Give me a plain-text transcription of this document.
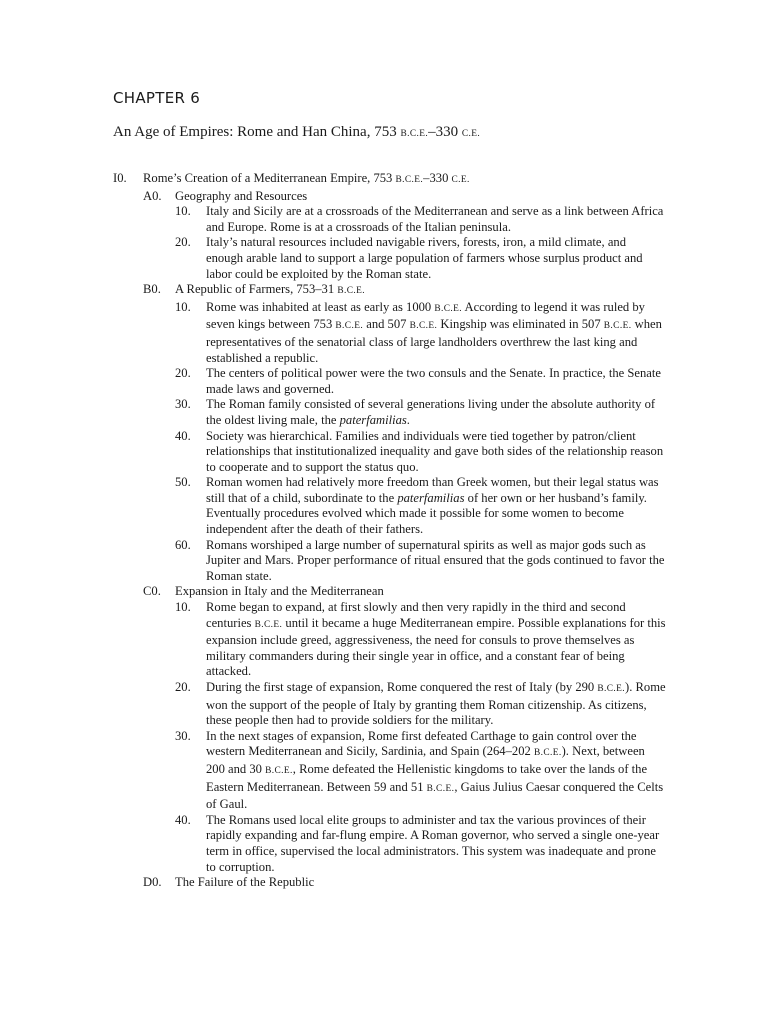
CHAPTER 6
An Age of Empires: Rome and Han China, 753 B.C.E.–330 C.E.
I0. Rome’s Creation of a Mediterranean Empire, 753 B.C.E.–330 C.E.
A0. Geography and Resources
10. Italy and Sicily are at a crossroads of the Mediterranean and serve as a link between Africa and Europe. Rome is at a crossroads of the Italian peninsula.
20. Italy’s natural resources included navigable rivers, forests, iron, a mild climate, and enough arable land to support a large population of farmers whose surplus product and labor could be exploited by the Roman state.
B0. A Republic of Farmers, 753–31 B.C.E.
10. Rome was inhabited at least as early as 1000 B.C.E. According to legend it was ruled by seven kings between 753 B.C.E. and 507 B.C.E. Kingship was eliminated in 507 B.C.E. when representatives of the senatorial class of large landholders overthrew the last king and established a republic.
20. The centers of political power were the two consuls and the Senate. In practice, the Senate made laws and governed.
30. The Roman family consisted of several generations living under the absolute authority of the oldest living male, the paterfamilias.
40. Society was hierarchical. Families and individuals were tied together by patron/client relationships that institutionalized inequality and gave both sides of the relationship reason to cooperate and to support the status quo.
50. Roman women had relatively more freedom than Greek women, but their legal status was still that of a child, subordinate to the paterfamilias of her own or her husband’s family. Eventually procedures evolved which made it possible for some women to become independent after the death of their fathers.
60. Romans worshiped a large number of supernatural spirits as well as major gods such as Jupiter and Mars. Proper performance of ritual ensured that the gods continued to favor the Roman state.
C0. Expansion in Italy and the Mediterranean
10. Rome began to expand, at first slowly and then very rapidly in the third and second centuries B.C.E. until it became a huge Mediterranean empire. Possible explanations for this expansion include greed, aggressiveness, the need for consuls to prove themselves as military commanders during their single year in office, and a constant fear of being attacked.
20. During the first stage of expansion, Rome conquered the rest of Italy (by 290 B.C.E.). Rome won the support of the people of Italy by granting them Roman citizenship. As citizens, these people then had to provide soldiers for the military.
30. In the next stages of expansion, Rome first defeated Carthage to gain control over the western Mediterranean and Sicily, Sardinia, and Spain (264–202 B.C.E.). Next, between 200 and 30 B.C.E., Rome defeated the Hellenistic kingdoms to take over the lands of the Eastern Mediterranean. Between 59 and 51 B.C.E., Gaius Julius Caesar conquered the Celts of Gaul.
40. The Romans used local elite groups to administer and tax the various provinces of their rapidly expanding and far-flung empire. A Roman governor, who served a single one-year term in office, supervised the local administrators. This system was inadequate and prone to corruption.
D0. The Failure of the Republic
